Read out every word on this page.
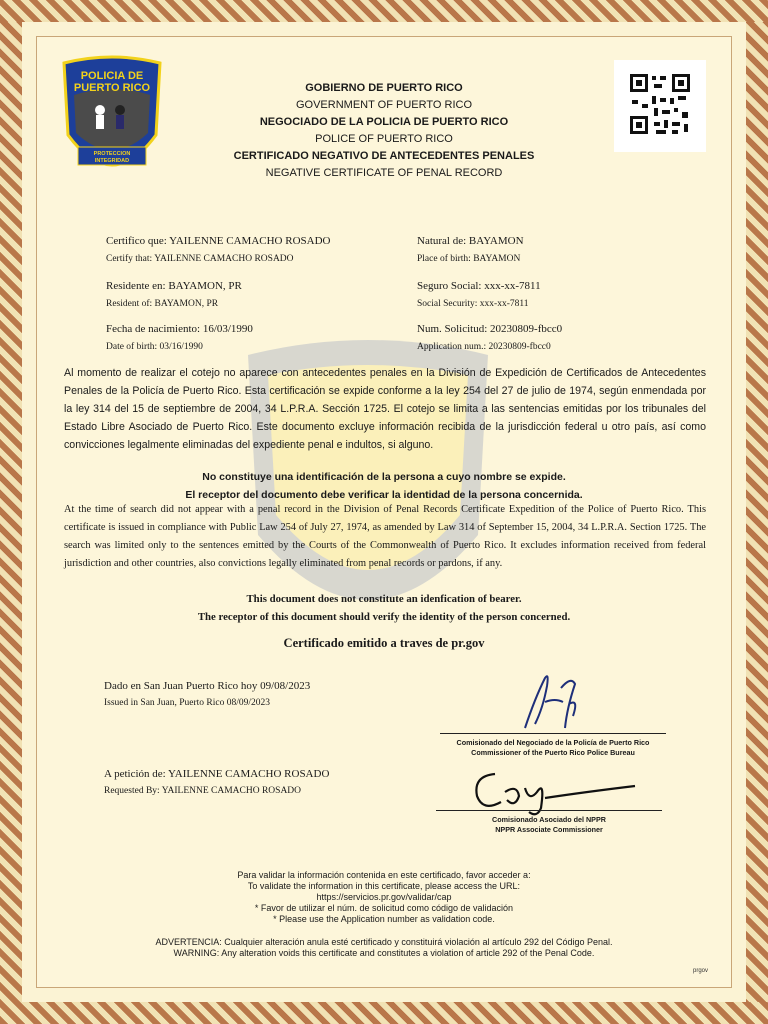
POLICIA DE
PUERTO RICO
PROTECCION
INTEGRIDAD
GOBIERNO DE PUERTO RICO
GOVERNMENT OF PUERTO RICO
NEGOCIADO DE LA POLICIA DE PUERTO RICO
POLICE OF PUERTO RICO
CERTIFICADO NEGATIVO DE ANTECEDENTES PENALES
NEGATIVE CERTIFICATE OF PENAL RECORD
Certifico que: YAILENNE CAMACHO ROSADO
Certify that: YAILENNE CAMACHO ROSADO
Residente en: BAYAMON, PR
Resident of: BAYAMON, PR
Fecha de nacimiento: 16/03/1990
Date of birth: 03/16/1990
Natural de: BAYAMON
Place of birth: BAYAMON
Seguro Social: xxx-xx-7811
Social Security: xxx-xx-7811
Num. Solicitud: 20230809-fbcc0
Application num.: 20230809-fbcc0
Al momento de realizar el cotejo no aparece con antecedentes penales en la División de Expedición de Certificados de Antecedentes Penales de la Policía de Puerto Rico. Esta certificación se expide conforme a la ley 254 del 27 de julio de 1974, según enmendada por la ley 314 del 15 de septiembre de 2004, 34 L.P.R.A. Sección 1725. El cotejo se limita a las sentencias emitidas por los tribunales del Estado Libre Asociado de Puerto Rico. Este documento excluye información recibida de la jurisdicción federal u otro país, así como convicciones legalmente eliminadas del expediente penal e indultos, si alguno.
No constituye una identificación de la persona a cuyo nombre se expide.
El receptor del documento debe verificar la identidad de la persona concernida.
At the time of search did not appear with a penal record in the Division of Penal Records Certificate Expedition of the Police of Puerto Rico. This certificate is issued in compliance with Public Law 254 of July 27, 1974, as amended by Law 314 of September 15, 2004, 34 L.P.R.A. Section 1725. The search was limited only to the sentences emitted by the Courts of the Commonwealth of Puerto Rico. It excludes information received from federal jurisdiction and other countries, also convictions legally eliminated from penal records or pardons, if any.
This document does not constitute an idenfication of bearer.
The receptor of this document should verify the identity of the person concerned.
Certificado emitido a traves de pr.gov
Dado en San Juan Puerto Rico hoy 09/08/2023
Issued in San Juan, Puerto Rico 08/09/2023
A petición de: YAILENNE CAMACHO ROSADO
Requested By: YAILENNE CAMACHO ROSADO
Comisionado del Negociado de la Policía de Puerto Rico
Commissioner of the Puerto Rico Police Bureau
Comisionado Asociado del NPPR
NPPR Associate Commissioner
Para validar la información contenida en este certificado, favor acceder a:
To validate the information in this certificate, please access the URL:
https://servicios.pr.gov/validar/cap
* Favor de utilizar el núm. de solicitud como código de validación
* Please use the Application number as validation code.
ADVERTENCIA: Cualquier alteración anula esté certificado y constituirá violación al artículo 292 del Código Penal.
WARNING: Any alteration voids this certificate and constitutes a violation of article 292 of the Penal Code.
prgov
